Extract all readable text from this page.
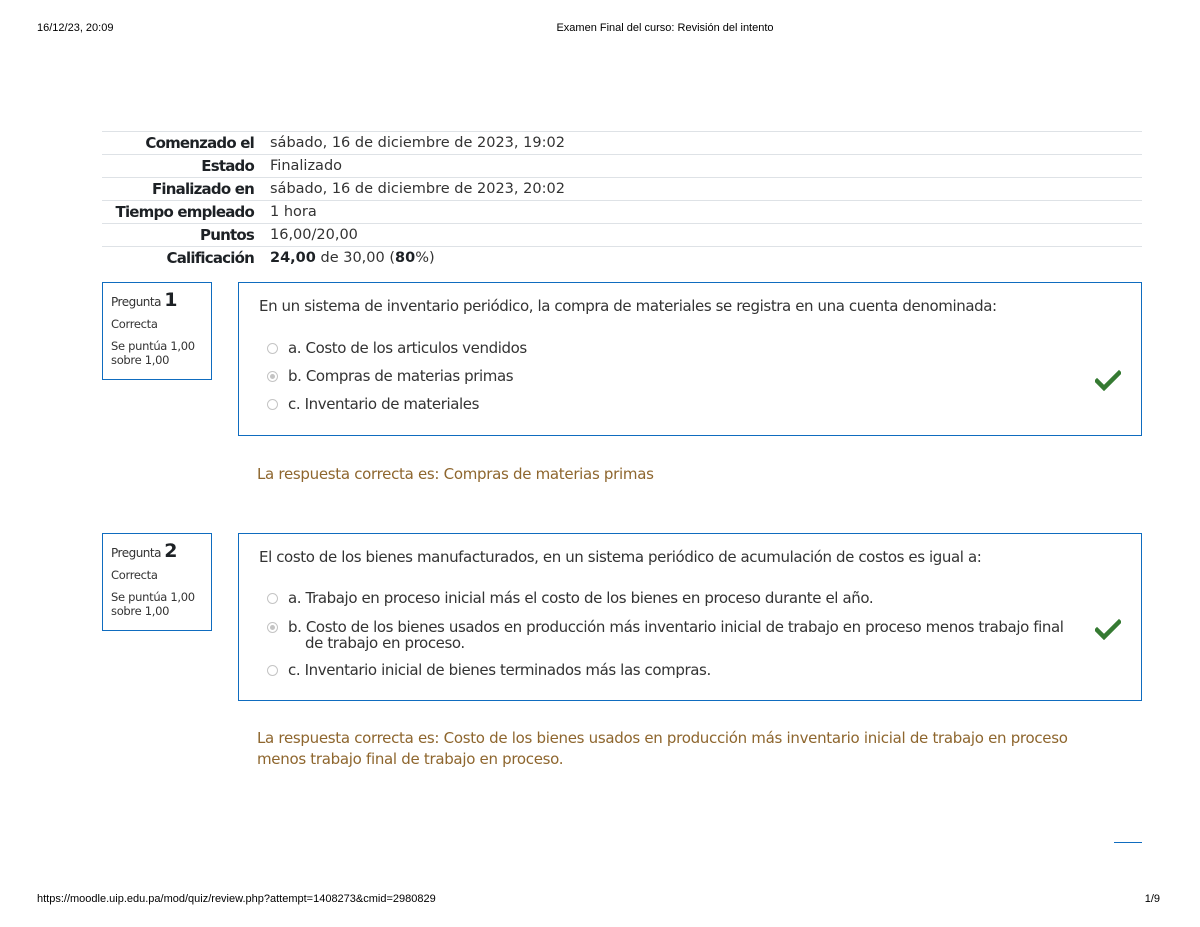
16/12/23, 20:09	Examen Final del curso: Revisión del intento
Comenzado el	sábado, 16 de diciembre de 2023, 19:02
Estado	Finalizado
Finalizado en	sábado, 16 de diciembre de 2023, 20:02
Tiempo empleado	1 hora
Puntos	16,00/20,00
Calificación	24,00 de 30,00 (80%)
Pregunta 1
Correcta
Se puntúa 1,00 sobre 1,00
En un sistema de inventario periódico, la compra de materiales se registra en una cuenta denominada:
a. Costo de los articulos vendidos
b. Compras de materias primas
c. Inventario de materiales
La respuesta correcta es: Compras de materias primas
Pregunta 2
Correcta
Se puntúa 1,00 sobre 1,00
El costo de los bienes manufacturados, en un sistema periódico de acumulación de costos es igual a:
a. Trabajo en proceso inicial más el costo de los bienes en proceso durante el año.
b. Costo de los bienes usados en producción más inventario inicial de trabajo en proceso menos trabajo final
de trabajo en proceso.
c. Inventario inicial de bienes terminados más las compras.
La respuesta correcta es: Costo de los bienes usados en producción más inventario inicial de trabajo en proceso menos trabajo final de trabajo en proceso.
https://moodle.uip.edu.pa/mod/quiz/review.php?attempt=1408273&cmid=2980829	1/9
